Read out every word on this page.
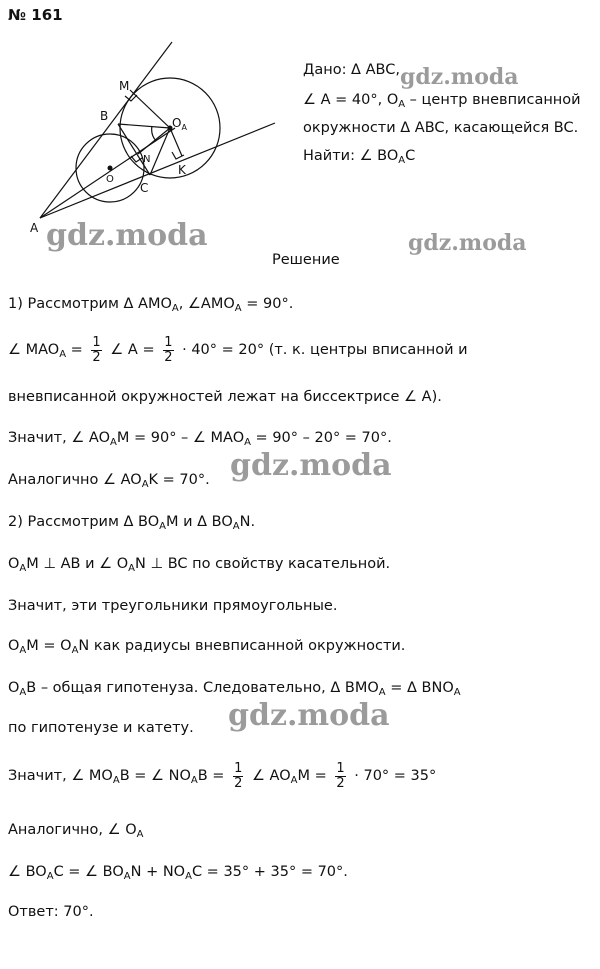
№ 161
A
B
C
M
N
K
O
$O_A$
Дано: Δ ABC,
∠ A = 40°, $O_A$ – центр вневписанной
окружности Δ ABC, касающейся BC.
Найти: ∠ $BO_AC$
gdz.moda
gdz.moda	gdz.moda
gdz.moda
gdz.moda
Решение
1) Рассмотрим Δ $AMO_A$, $\angle AMO_A = 90^\circ$.
∠ $MAO_A = \frac{1}{2}$ ∠ $A = \frac{1}{2} \cdot 40^\circ = 20^\circ$ (т. к. центры вписанной и
вневписанной окружностей лежат на биссектрисе ∠ A).
Значит, ∠ $AO_AM = 90^\circ$ – ∠ $MAO_A = 90^\circ - 20^\circ = 70^\circ$.
Аналогично ∠ $AO_AK = 70^\circ$.
2) Рассмотрим Δ $BO_AM$ и Δ $BO_AN$.
$O_AM$ ⊥ AB и ∠ $O_AN$ ⊥ BC по свойству касательной.
Значит, эти треугольники прямоугольные.
$O_AM = O_AN$ как радиусы вневписанной окружности.
$O_AB$ – общая гипотенуза. Следовательно, Δ $BMO_A = \Delta$ $BNO_A$
по гипотенузе и катету.
Значит, ∠ $MO_AB$ = ∠ $NO_AB = \frac{1}{2}$ ∠ $AO_AM = \frac{1}{2} \cdot 70^\circ = 35^\circ$
Аналогично, ∠ $O_A$
∠ $BO_AC$ = ∠ $BO_AN + NO_AC = 35^\circ + 35^\circ = 70^\circ$.
Ответ: 70°.
